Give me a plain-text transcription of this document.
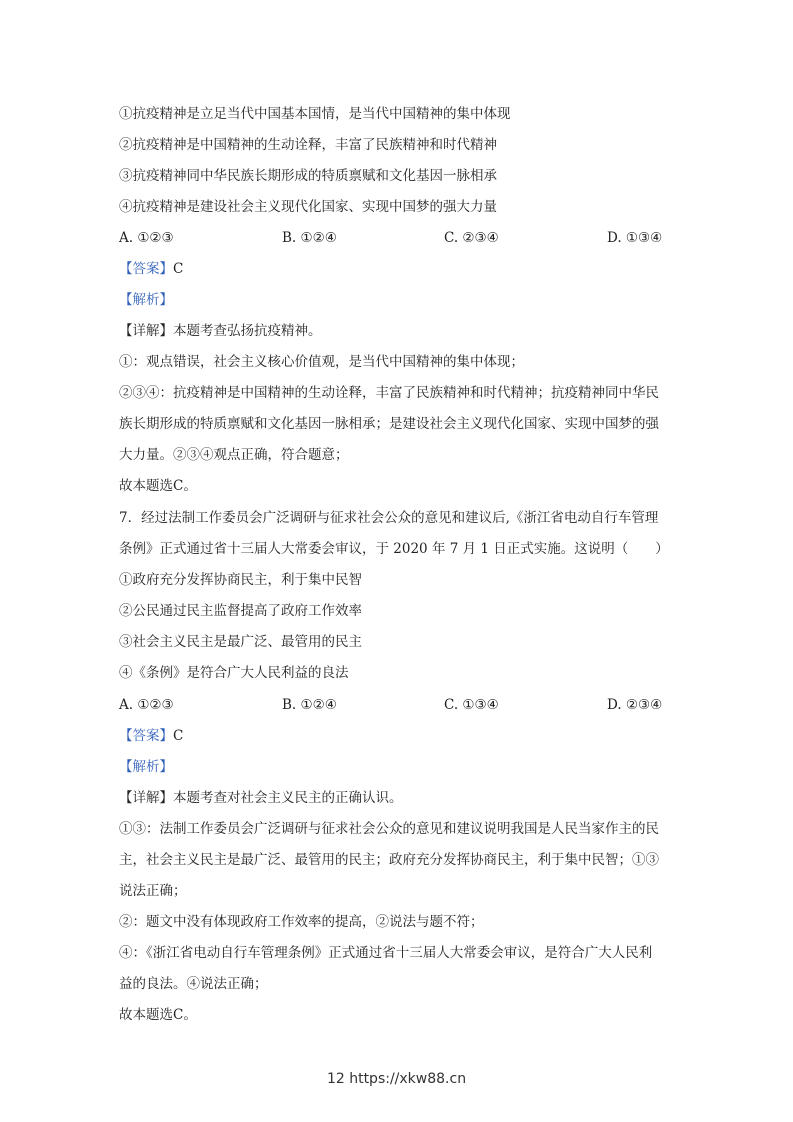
①抗疫精神是立足当代中国基本国情，是当代中国精神的集中体现
②抗疫精神是中国精神的生动诠释，丰富了民族精神和时代精神
③抗疫精神同中华民族长期形成的特质禀赋和文化基因一脉相承
④抗疫精神是建设社会主义现代化国家、实现中国梦的强大力量
A. ①②③	B. ①②④	C. ②③④	D. ①③④
【答案】C
【解析】
【详解】本题考查弘扬抗疫精神。
①：观点错误，社会主义核心价值观，是当代中国精神的集中体现；
②③④：抗疫精神是中国精神的生动诠释，丰富了民族精神和时代精神；抗疫精神同中华民
族长期形成的特质禀赋和文化基因一脉相承；是建设社会主义现代化国家、实现中国梦的强
大力量。②③④观点正确，符合题意；
故本题选C。
7．经过法制工作委员会广泛调研与征求社会公众的意见和建议后,《浙江省电动自行车管理
条例》正式通过省十三届人大常委会审议，于 2020 年 7 月 1 日正式实施。这说明（　　）
①政府充分发挥协商民主，利于集中民智
②公民通过民主监督提高了政府工作效率
③社会主义民主是最广泛、最管用的民主
④《条例》是符合广大人民利益的良法
A. ①②③	B. ①②④	C. ①③④	D. ②③④
【答案】C
【解析】
【详解】本题考查对社会主义民主的正确认识。
①③：法制工作委员会广泛调研与征求社会公众的意见和建议说明我国是人民当家作主的民
主，社会主义民主是最广泛、最管用的民主；政府充分发挥协商民主，利于集中民智；①③
说法正确；
②：题文中没有体现政府工作效率的提高，②说法与题不符；
④：《浙江省电动自行车管理条例》正式通过省十三届人大常委会审议，是符合广大人民利
益的良法。④说法正确；
故本题选C。
12 https://xkw88.cn
